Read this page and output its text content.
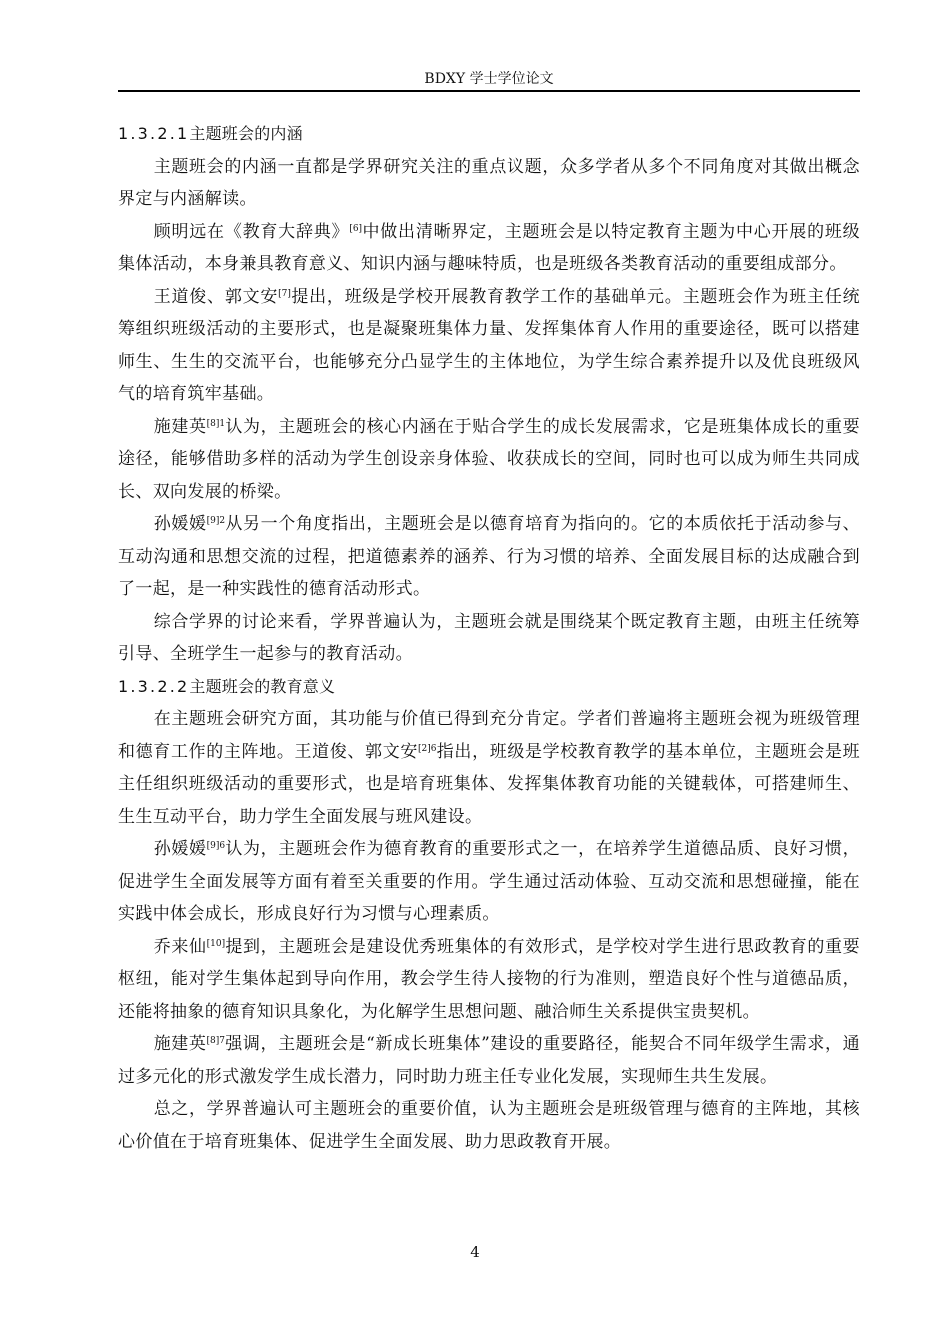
BDXY 学士学位论文
1.3.2.1主题班会的内涵

主题班会的内涵一直都是学界研究关注的重点议题，众多学者从多个不同角度对其做出概念界定与内涵解读。

顾明远在《教育大辞典》[6]中做出清晰界定，主题班会是以特定教育主题为中心开展的班级集体活动，本身兼具教育意义、知识内涵与趣味特质，也是班级各类教育活动的重要组成部分。

王道俊、郭文安[7]提出，班级是学校开展教育教学工作的基础单元。主题班会作为班主任统筹组织班级活动的主要形式，也是凝聚班集体力量、发挥集体育人作用的重要途径，既可以搭建师生、生生的交流平台，也能够充分凸显学生的主体地位，为学生综合素养提升以及优良班级风气的培育筑牢基础。

施建英$^{[8]1}$认为，主题班会的核心内涵在于贴合学生的成长发展需求，它是班集体成长的重要途径，能够借助多样的活动为学生创设亲身体验、收获成长的空间，同时也可以成为师生共同成长、双向发展的桥梁。

孙媛媛$^{[9]2}$从另一个角度指出，主题班会是以德育培育为指向的。它的本质依托于活动参与、互动沟通和思想交流的过程，把道德素养的涵养、行为习惯的培养、全面发展目标的达成融合到了一起，是一种实践性的德育活动形式。

综合学界的讨论来看，学界普遍认为，主题班会就是围绕某个既定教育主题，由班主任统筹引导、全班学生一起参与的教育活动。

1.3.2.2主题班会的教育意义

在主题班会研究方面，其功能与价值已得到充分肯定。学者们普遍将主题班会视为班级管理和德育工作的主阵地。王道俊、郭文安$^{[2]6}$指出，班级是学校教育教学的基本单位，主题班会是班主任组织班级活动的重要形式，也是培育班集体、发挥集体教育功能的关键载体，可搭建师生、生生互动平台，助力学生全面发展与班风建设。

孙媛媛$^{[9]6}$认为，主题班会作为德育教育的重要形式之一，在培养学生道德品质、良好习惯，促进学生全面发展等方面有着至关重要的作用。学生通过活动体验、互动交流和思想碰撞，能在实践中体会成长，形成良好行为习惯与心理素质。

乔来仙[10]提到，主题班会是建设优秀班集体的有效形式，是学校对学生进行思政教育的重要枢纽，能对学生集体起到导向作用，教会学生待人接物的行为准则，塑造良好个性与道德品质，还能将抽象的德育知识具象化，为化解学生思想问题、融洽师生关系提供宝贵契机。

施建英$^{[8]7}$强调，主题班会是“新成长班集体”建设的重要路径，能契合不同年级学生需求，通过多元化的形式激发学生成长潜力，同时助力班主任专业化发展，实现师生共生发展。

总之，学界普遍认可主题班会的重要价值，认为主题班会是班级管理与德育的主阵地，其核心价值在于培育班集体、促进学生全面发展、助力思政教育开展。

4
